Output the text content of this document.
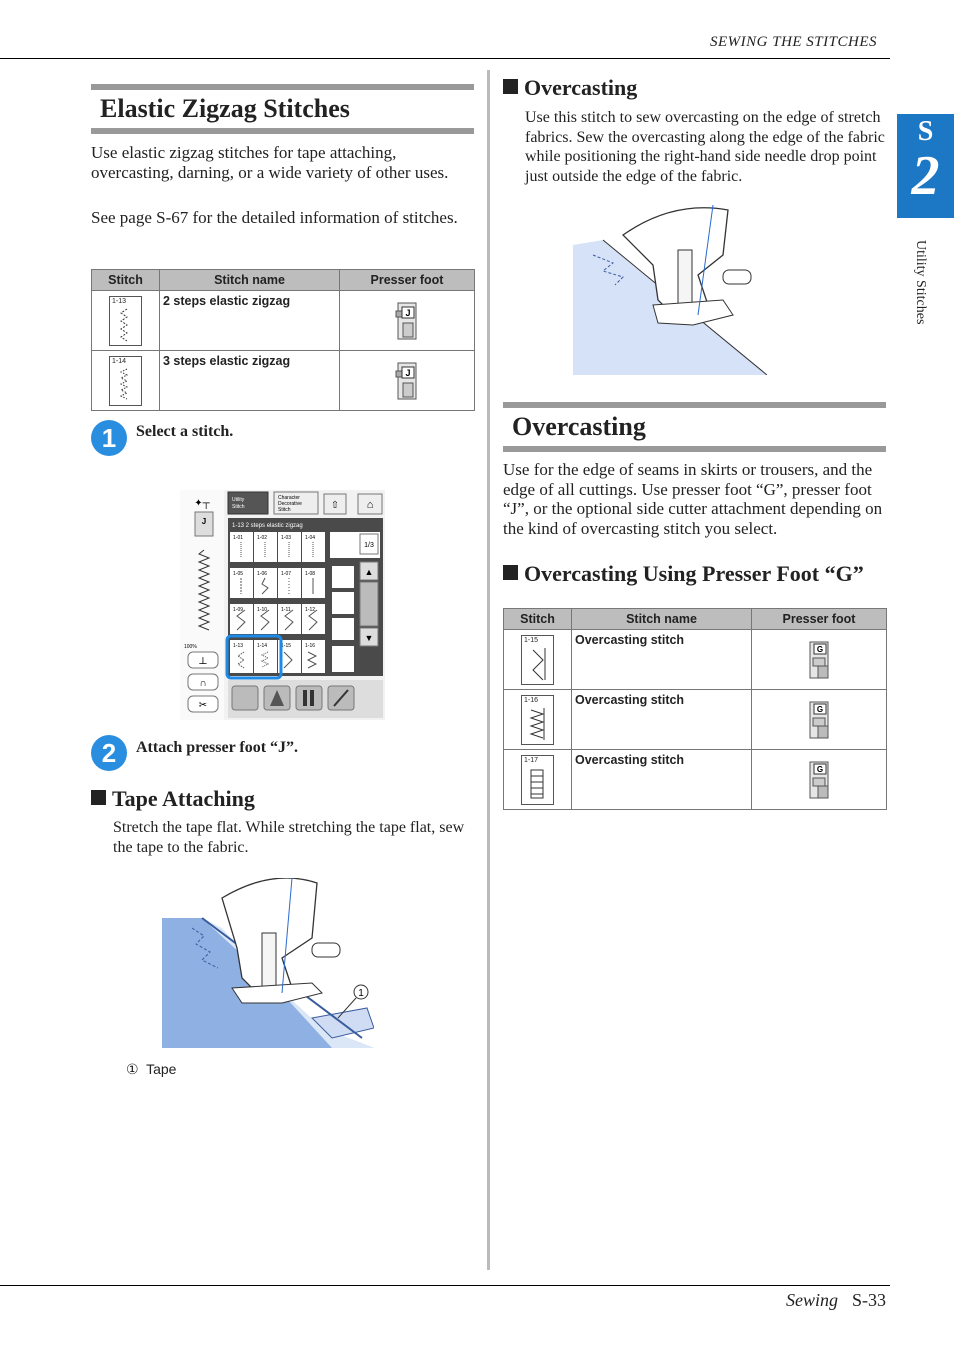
SEWING THE STITCHES
Sewing S-33
S
2
Utility Stitches
Elastic Zigzag Stitches
Use elastic zigzag stitches for tape attaching, overcasting, darning, or a wide variety of other uses.
See page S-67 for the detailed information of stitches.
Stitch	Stitch name	Presser foot

1-13	2 steps elastic zigzag	J

1-14	3 steps elastic zigzag	J
1	Select a stitch.
✦┬
J
100%
⊥
∩
✂
Utility
Stitch
Character
Decorative
Stitch	⇧	⌂
1-13 2 steps elastic zigzag
1-01	1-02	1-03	1-04
1-05	1-06	1-07	1-08
1-09	1-10	1-11	1-12
1-13	1-14	1-15	1-16
1/3
▲
▼
2	Attach presser foot “J”.
Tape Attaching
Stretch the tape flat. While stretching the tape flat, sew the tape to the fabric.
1
① Tape
Overcasting
Use this stitch to sew overcasting on the edge of stretch fabrics. Sew the overcasting along the edge of the fabric while positioning the right-hand side needle drop point just outside the edge of the fabric.
Overcasting
Use for the edge of seams in skirts or trousers, and the edge of all cuttings. Use presser foot “G”, presser foot “J”, or the optional side cutter attachment depending on the kind of overcasting stitch you select.
Overcasting Using Presser Foot “G”
Stitch	Stitch name	Presser foot

1-15	Overcasting stitch	G

1-16	Overcasting stitch	G

1-17	Overcasting stitch	G
